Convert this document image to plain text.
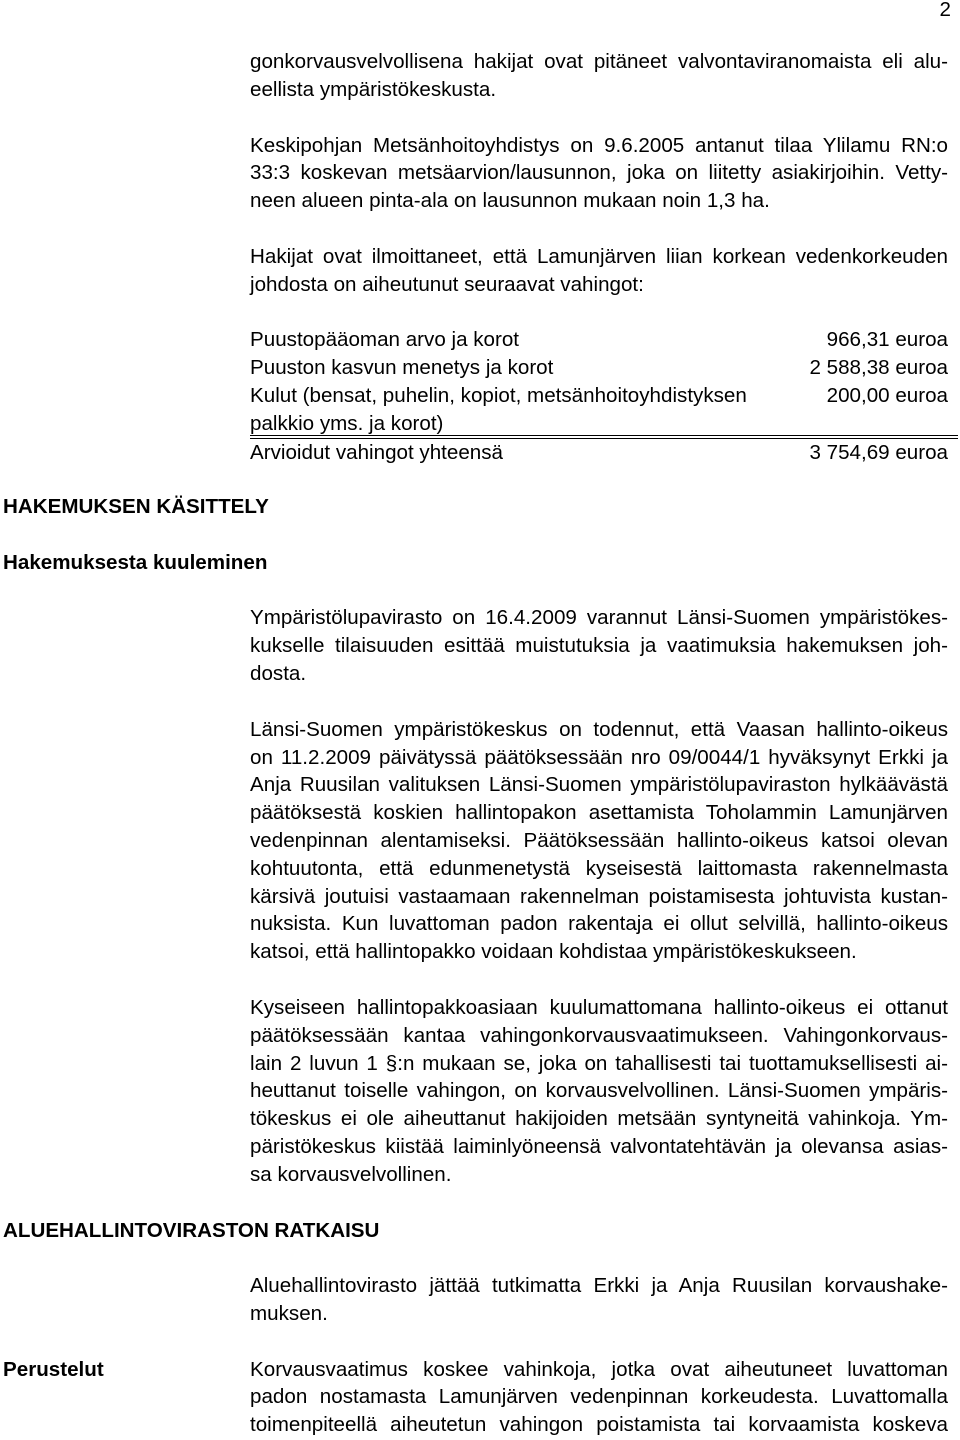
2
gonkorvausvelvollisena hakijat ovat pitäneet valvontaviranomaista eli alu-
eellista ympäristökeskusta.
Keskipohjan Metsänhoitoyhdistys on 9.6.2005 antanut tilaa Ylilamu RN:o
33:3 koskevan metsäarvion/lausunnon, joka on liitetty asiakirjoihin. Vetty-
neen alueen pinta-ala on lausunnon mukaan noin 1,3 ha.
Hakijat ovat ilmoittaneet, että Lamunjärven liian korkean vedenkorkeuden
johdosta on aiheutunut seuraavat vahingot:
Puustopääoman arvo ja korot	966,31 euroa
Puuston kasvun menetys ja korot	2 588,38 euroa
Kulut (bensat, puhelin, kopiot, metsänhoitoyhdistyksen	200,00 euroa
palkkio yms. ja korot)
Arvioidut vahingot yhteensä	3 754,69 euroa
HAKEMUKSEN KÄSITTELY
Hakemuksesta kuuleminen
Ympäristölupavirasto on 16.4.2009 varannut Länsi-Suomen ympäristökes-
kukselle tilaisuuden esittää muistutuksia ja vaatimuksia hakemuksen joh-
dosta.
Länsi-Suomen ympäristökeskus on todennut, että Vaasan hallinto-oikeus
on 11.2.2009 päivätyssä päätöksessään nro 09/0044/1 hyväksynyt Erkki ja
Anja Ruusilan valituksen Länsi-Suomen ympäristölupaviraston hylkäävästä
päätöksestä koskien hallintopakon asettamista Toholammin Lamunjärven
vedenpinnan alentamiseksi. Päätöksessään hallinto-oikeus katsoi olevan
kohtuutonta, että edunmenetystä kyseisestä laittomasta rakennelmasta
kärsivä joutuisi vastaamaan rakennelman poistamisesta johtuvista kustan-
nuksista. Kun luvattoman padon rakentaja ei ollut selvillä, hallinto-oikeus
katsoi, että hallintopakko voidaan kohdistaa ympäristökeskukseen.
Kyseiseen hallintopakkoasiaan kuulumattomana hallinto-oikeus ei ottanut
päätöksessään kantaa vahingonkorvausvaatimukseen. Vahingonkorvaus-
lain 2 luvun 1 §:n mukaan se, joka on tahallisesti tai tuottamuksellisesti ai-
heuttanut toiselle vahingon, on korvausvelvollinen. Länsi-Suomen ympäris-
tökeskus ei ole aiheuttanut hakijoiden metsään syntyneitä vahinkoja. Ym-
päristökeskus kiistää laiminlyöneensä valvontatehtävän ja olevansa asias-
sa korvausvelvollinen.
ALUEHALLINTOVIRASTON RATKAISU
Aluehallintovirasto jättää tutkimatta Erkki ja Anja Ruusilan korvaushake-
muksen.
Perustelut	Korvausvaatimus koskee vahinkoja, jotka ovat aiheutuneet luvattoman
padon nostamasta Lamunjärven vedenpinnan korkeudesta. Luvattomalla
toimenpiteellä aiheutetun vahingon poistamista tai korvaamista koskeva
